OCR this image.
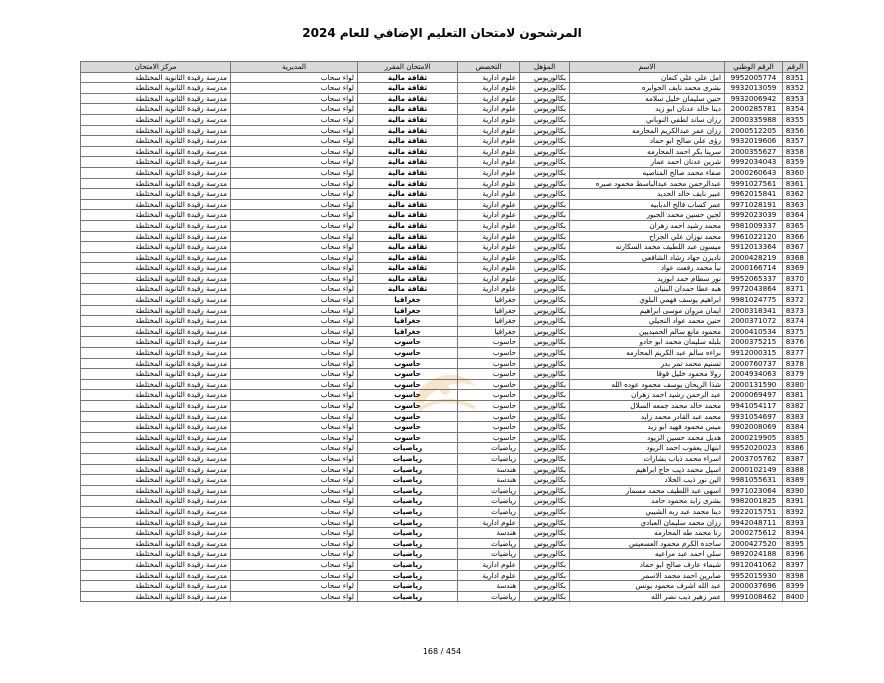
المرشحون لامتحان التعليم الإضافي للعام 2024
الرقم	الرقم الوطني	الاسم	المؤهل	التخصص	الامتحان المقرر	المديرية	مركز الامتحان
8351	9952005774	امل علي علي كنعان	بكالوريوس	علوم ادارية	ثقافة مالية	لواء سحاب	مدرسة رقيدة الثانوية المختلطة
8352	9932013059	بشرى محمد نايف الجوابره	بكالوريوس	علوم ادارية	ثقافة مالية	لواء سحاب	مدرسة رقيدة الثانوية المختلطة
8353	9932006942	حنين سليمان خليل سلامه	بكالوريوس	علوم ادارية	ثقافة مالية	لواء سحاب	مدرسة رقيدة الثانوية المختلطة
8354	2000285781	دينا خالد عدنان ابو زيد	بكالوريوس	علوم ادارية	ثقافة مالية	لواء سحاب	مدرسة رقيدة الثانوية المختلطة
8355	2000335988	رزان ساند لطفي النوباني	بكالوريوس	علوم ادارية	ثقافة مالية	لواء سحاب	مدرسة رقيدة الثانوية المختلطة
8356	2000512205	رزان عمر عبدالكريم المحارمه	بكالوريوس	علوم ادارية	ثقافة مالية	لواء سحاب	مدرسة رقيدة الثانوية المختلطة
8357	9932019606	رؤى علي صالح ابو حماد	بكالوريوس	علوم ادارية	ثقافة مالية	لواء سحاب	مدرسة رقيدة الثانوية المختلطة
8358	2000355627	سرينا بكر احمد المحارمه	بكالوريوس	علوم ادارية	ثقافة مالية	لواء سحاب	مدرسة رقيدة الثانوية المختلطة
8359	9992034043	شرين عدنان احمد عمار	بكالوريوس	علوم ادارية	ثقافة مالية	لواء سحاب	مدرسة رقيدة الثانوية المختلطة
8360	2000260643	صفاء محمد صالح المناصيه	بكالوريوس	علوم ادارية	ثقافة مالية	لواء سحاب	مدرسة رقيدة الثانوية المختلطة
8361	9991027561	عبدالرحمن محمد عبدالباسط محمود صبره	بكالوريوس	علوم ادارية	ثقافة مالية	لواء سحاب	مدرسة رقيدة الثانوية المختلطة
8362	9962015841	عبير نايف خالد الحديد	بكالوريوس	علوم ادارية	ثقافة مالية	لواء سحاب	مدرسة رقيدة الثانوية المختلطة
8363	9971028191	عمر كساب فالح الدبابيه	بكالوريوس	علوم ادارية	ثقافة مالية	لواء سحاب	مدرسة رقيدة الثانوية المختلطة
8364	9992023039	لجين حسين محمد الجبور	بكالوريوس	علوم ادارية	ثقافة مالية	لواء سحاب	مدرسة رقيدة الثانوية المختلطة
8365	9981009337	محمد رشيد احمد زهران	بكالوريوس	علوم ادارية	ثقافة مالية	لواء سحاب	مدرسة رقيدة الثانوية المختلطة
8366	9961022120	محمد نوزان علي الجراح	بكالوريوس	علوم ادارية	ثقافة مالية	لواء سحاب	مدرسة رقيدة الثانوية المختلطة
8367	9912013364	ميسون عبد اللطيف محمد السكارنه	بكالوريوس	علوم ادارية	ثقافة مالية	لواء سحاب	مدرسة رقيدة الثانوية المختلطة
8368	2000428219	ناديزن جهاد رشاد الشافعي	بكالوريوس	علوم ادارية	ثقافة مالية	لواء سحاب	مدرسة رقيدة الثانوية المختلطة
8369	2000166714	نبأ محمد رفعت عواد	بكالوريوس	علوم ادارية	ثقافة مالية	لواء سحاب	مدرسة رقيدة الثانوية المختلطة
8370	9952065337	نور سطام حمد ابوزيد	بكالوريوس	علوم ادارية	ثقافة مالية	لواء سحاب	مدرسة رقيدة الثانوية المختلطة
8371	9972043864	هبه عطا حمدان البنيان	بكالوريوس	علوم ادارية	ثقافة مالية	لواء سحاب	مدرسة رقيدة الثانوية المختلطة
8372	9981024775	ابراهيم يوسف فهمي البلوي	بكالوريوس	جغرافيا	جغرافيا	لواء سحاب	مدرسة رقيدة الثانوية المختلطة
8373	2000318341	ايمان مروان موسى ابراهيم	بكالوريوس	جغرافيا	جغرافيا	لواء سحاب	مدرسة رقيدة الثانوية المختلطة
8374	2000371072	حنين محمد عواد النجيلي	بكالوريوس	جغرافيا	جغرافيا	لواء سحاب	مدرسة رقيدة الثانوية المختلطة
8375	2000410534	محمود مانع سالم الحميديين	بكالوريوس	جغرافيا	جغرافيا	لواء سحاب	مدرسة رقيدة الثانوية المختلطة
8376	2000375215	بلبله سليمان محمد ابو حادو	بكالوريوس	حاسوب	حاسوب	لواء سحاب	مدرسة رقيدة الثانوية المختلطة
8377	9912000315	براءه سالم عبد الكريم المحارمه	بكالوريوس	حاسوب	حاسوب	لواء سحاب	مدرسة رقيدة الثانوية المختلطة
8378	2000760737	تسنيم محمد تمر بدر	بكالوريوس	حاسوب	حاسوب	لواء سحاب	مدرسة رقيدة الثانوية المختلطة
8379	2004934063	رولا محمود خليل قوقا	بكالوريوس	حاسوب	حاسوب	لواء سحاب	مدرسة رقيدة الثانوية المختلطة
8380	2000131590	شذا الريحان يوسف محمود عوده الله	بكالوريوس	حاسوب	حاسوب	لواء سحاب	مدرسة رقيدة الثانوية المختلطة
8381	2000069497	عبد الرحمن رشيد احمد زهران	بكالوريوس	حاسوب	حاسوب	لواء سحاب	مدرسة رقيدة الثانوية المختلطة
8382	9941054117	محمد خالد محمد جمعه السلال	بكالوريوس	حاسوب	حاسوب	لواء سحاب	مدرسة رقيدة الثانوية المختلطة
8383	9931054697	محمد عبد القادر محمد زايد	بكالوريوس	حاسوب	حاسوب	لواء سحاب	مدرسة رقيدة الثانوية المختلطة
8384	9902008069	ميس محمود فهيد ابو زيد	بكالوريوس	حاسوب	حاسوب	لواء سحاب	مدرسة رقيدة الثانوية المختلطة
8385	2000219905	هديل محمد حسين الزيود	بكالوريوس	حاسوب	حاسوب	لواء سحاب	مدرسة رقيدة الثانوية المختلطة
8386	9952020023	ابتهال يعقوب احمد الزيود	بكالوريوس	رياضيات	رياضيات	لواء سحاب	مدرسة رقيدة الثانوية المختلطة
8387	2003705762	اسراء محمد ذياب بشارات	بكالوريوس	رياضيات	رياضيات	لواء سحاب	مدرسة رقيدة الثانوية المختلطة
8388	2000102149	اسيل محمد ذيب حاج ابراهيم	بكالوريوس	هندسة	رياضيات	لواء سحاب	مدرسة رقيدة الثانوية المختلطة
8389	9981055631	الين نور ذيب الخلاد	بكالوريوس	هندسة	رياضيات	لواء سحاب	مدرسة رقيدة الثانوية المختلطة
8390	9971023064	اسهى عبد اللطيف محمد مسمار	بكالوريوس	رياضيات	رياضيات	لواء سحاب	مدرسة رقيدة الثانوية المختلطة
8391	9982001825	بشرى زايد محمود حامد	بكالوريوس	رياضيات	رياضيات	لواء سحاب	مدرسة رقيدة الثانوية المختلطة
8392	9922015751	دينا محمد عبد ربه الشيبي	بكالوريوس	رياضيات	رياضيات	لواء سحاب	مدرسة رقيدة الثانوية المختلطة
8393	9942048711	رزان محمد سليمان العبادي	بكالوريوس	علوم ادارية	رياضيات	لواء سحاب	مدرسة رقيدة الثانوية المختلطة
8394	2000275612	رنا محمد طه المحارمه	بكالوريوس	هندسة	رياضيات	لواء سحاب	مدرسة رقيدة الثانوية المختلطة
8395	2000427520	ساجده الكرم محمود العسعيس	بكالوريوس	رياضيات	رياضيات	لواء سحاب	مدرسة رقيدة الثانوية المختلطة
8396	9892024188	سلي احمد عبد مراعيه	بكالوريوس	رياضيات	رياضيات	لواء سحاب	مدرسة رقيدة الثانوية المختلطة
8397	9912041062	شيماء عارف صالح ابو حماد	بكالوريوس	علوم ادارية	رياضيات	لواء سحاب	مدرسة رقيدة الثانوية المختلطة
8398	9952015930	صابرين احمد محمد الاسمر	بكالوريوس	علوم ادارية	رياضيات	لواء سحاب	مدرسة رقيدة الثانوية المختلطة
8399	2000037696	عبد الله اشرف محمود يونس	بكالوريوس	هندسة	رياضيات	لواء سحاب	مدرسة رقيدة الثانوية المختلطة
8400	9991008462	عمر زهير ذيب نصر الله	بكالوريوس	رياضيات	رياضيات	لواء سحاب	مدرسة رقيدة الثانوية المختلطة
168 / 454
